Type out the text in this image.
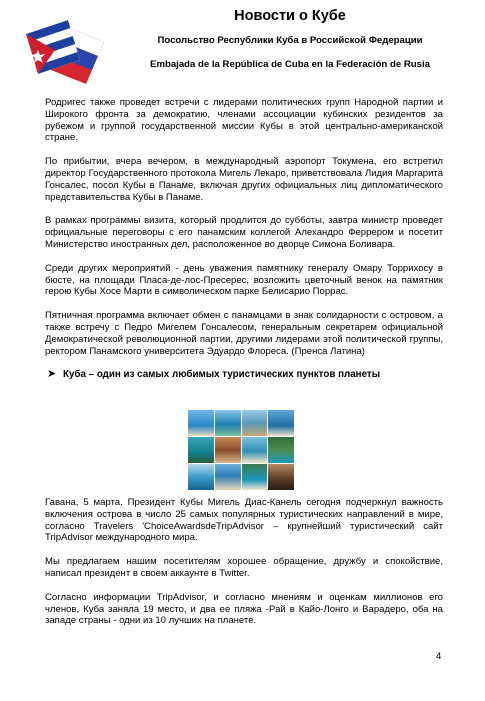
Новости о Кубе
Посольство Республики Куба в Российской Федерации
Embajada de la República de Cuba en la Federación de Rusia

Родригес также проведет встречи с лидерами политических групп Народной партии и Широкого фронта за демократию, членами ассоциации кубинских резидентов за рубежом и группой государственной миссии Кубы в этой центрально-американской стране.

По прибытии, вчера вечером, в международный аэропорт Токумена, его встретил директор Государственного протокола Мигель Лекаро, приветствовала Лидия Маргарита Гонсалес, посол Кубы в Панаме, включая других официальных лиц дипломатического представительства Кубы в Панаме.

В рамках программы визита, который продлится до субботы, завтра министр проведет официальные переговоры с его панамским коллегой Алехандро Феррером и посетит Министерство иностранных дел, расположенное во дворце Симона Боливара.

Среди других мероприятий - день уважения памятнику генералу Омару Торрихосу в бюсте, на площади Пласа-де-лос-Пресерес, возложить цветочный венок на памятник герою Кубы Хосе Марти в символическом парке Белисарио Поррас.

Пятничная программа включает обмен с панамцами в знак солидарности с островом, а также встречу с Педро Мигелем Гонсалесом, генеральным секретарем официальной Демократической революционной партии, другими лидерами этой политической группы, ректором Панамского университета Эдуардо Флореса. (Пренса Латина)

➤ Куба – один из самых любимых туристических пунктов планеты

Гавана, 5 марта. Президент Кубы Мигель Диас-Канель сегодня подчеркнул важность включения острова в число 25 самых популярных туристических направлений в мире, согласно Travelers 'ChoiceAwardsdeTripAdvisor – крупнейший туристический сайт TripAdvisor международного мира.

Мы предлагаем нашим посетителям хорошее обращение, дружбу и спокойствие, написал президент в своем аккаунте в Twitter.

Согласно информации TripAdvisor, и согласно мнениям и оценкам миллионов его членов, Куба заняла 19 место, и два ее пляжа -Рай в Кайо-Лонго и Варадеро, оба на западе страны - одни из 10 лучших на планете.

4
